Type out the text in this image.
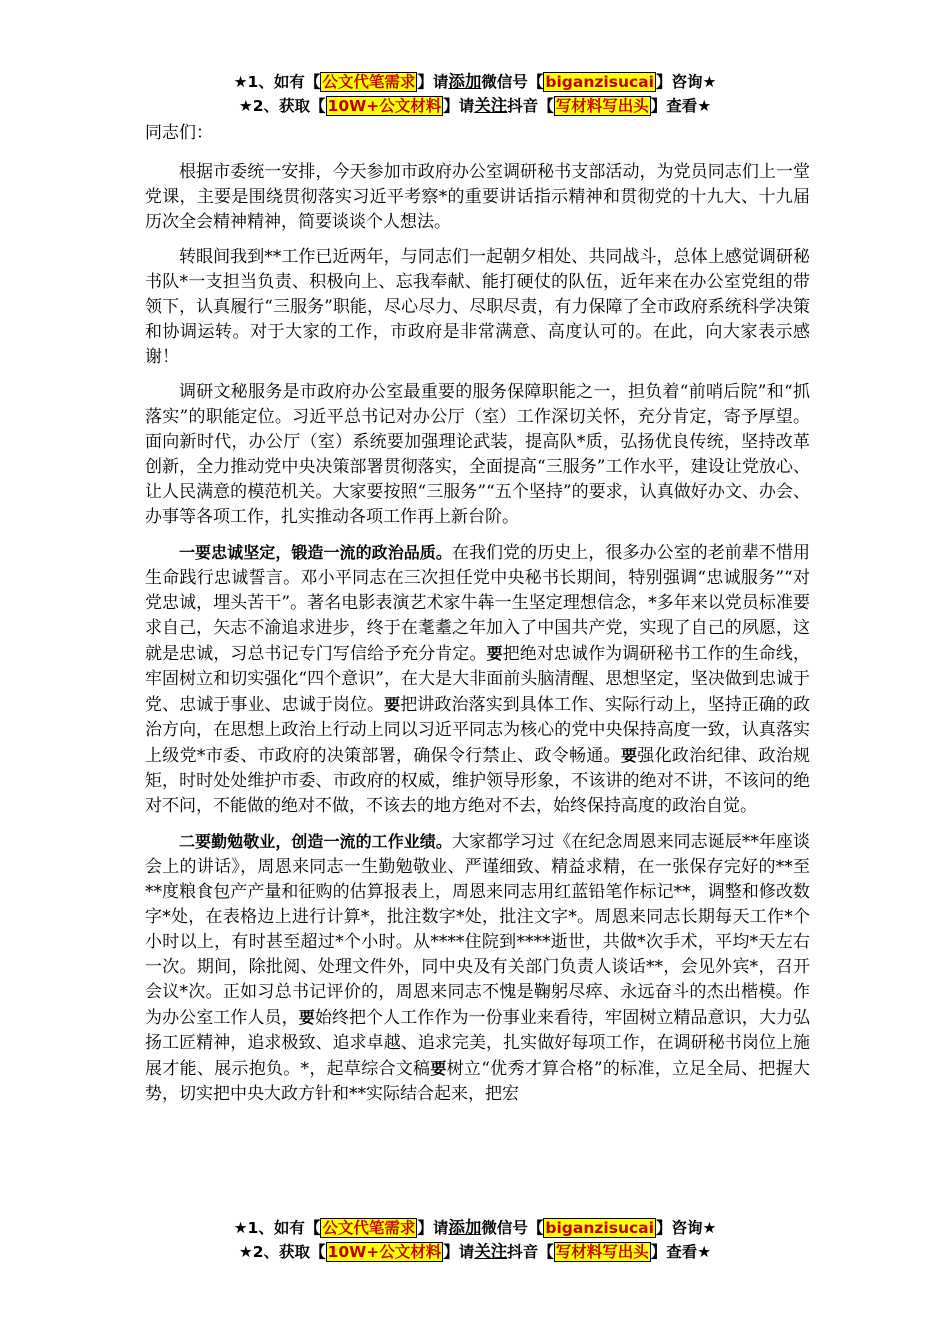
★1、如有【 公文代笔需求 】请添加微信号【 biganzisucai 】咨询★
★2、获取【 10W+公文材料 】请关注抖音【 写材料写出头 】查看★

同志们：

根据市委统一安排，今天参加市政府办公室调研秘书支部活动，为党员同志们上一堂党课，主要是围绕贯彻落实习近平考察*的重要讲话指示精神和贯彻党的十九大、十九届历次全会精神精神，简要谈谈个人想法。

转眼间我到**工作已近两年，与同志们一起朝夕相处、共同战斗，总体上感觉调研秘书队*一支担当负责、积极向上、忘我奉献、能打硬仗的队伍，近年来在办公室党组的带领下，认真履行“三服务”职能，尽心尽力、尽职尽责，有力保障了全市政府系统科学决策和协调运转。对于大家的工作，市政府是非常满意、高度认可的。在此，向大家表示感谢！

调研文秘服务是市政府办公室最重要的服务保障职能之一，担负着“前哨后院”和“抓落实”的职能定位。习近平总书记对办公厅（室）工作深切关怀，充分肯定，寄予厚望。面向新时代，办公厅（室）系统要加强理论武装，提高队*质，弘扬优良传统，坚持改革创新，全力推动党中央决策部署贯彻落实，全面提高“三服务”工作水平，建设让党放心、让人民满意的模范机关。大家要按照“三服务”“五个坚持”的要求，认真做好办文、办会、办事等各项工作，扎实推动各项工作再上新台阶。

一要忠诚坚定，锻造一流的政治品质。在我们党的历史上，很多办公室的老前辈不惜用生命践行忠诚誓言。邓小平同志在三次担任党中央秘书长期间，特别强调“忠诚服务”“对党忠诚，埋头苦干”。著名电影表演艺术家牛犇一生坚定理想信念，*多年来以党员标准要求自己，矢志不渝追求进步，终于在耄耋之年加入了中国共产党，实现了自己的夙愿，这就是忠诚，习总书记专门写信给予充分肯定。要把绝对忠诚作为调研秘书工作的生命线，牢固树立和切实强化“四个意识”，在大是大非面前头脑清醒、思想坚定，坚决做到忠诚于党、忠诚于事业、忠诚于岗位。要把讲政治落实到具体工作、实际行动上，坚持正确的政治方向，在思想上政治上行动上同以习近平同志为核心的党中央保持高度一致，认真落实上级党*市委、市政府的决策部署，确保令行禁止、政令畅通。要强化政治纪律、政治规矩，时时处处维护市委、市政府的权威，维护领导形象，不该讲的绝对不讲，不该问的绝对不问，不能做的绝对不做，不该去的地方绝对不去，始终保持高度的政治自觉。

二要勤勉敬业，创造一流的工作业绩。大家都学习过《在纪念周恩来同志诞辰**年座谈会上的讲话》，周恩来同志一生勤勉敬业、严谨细致、精益求精，在一张保存完好的**至**度粮食包产产量和征购的估算报表上，周恩来同志用红蓝铅笔作标记**，调整和修改数字*处，在表格边上进行计算*，批注数字*处，批注文字*。周恩来同志长期每天工作*个小时以上，有时甚至超过*个小时。从****住院到****逝世，共做*次手术，平均*天左右一次。期间，除批阅、处理文件外，同中央及有关部门负责人谈话**，会见外宾*，召开会议*次。正如习总书记评价的，周恩来同志不愧是鞠躬尽瘁、永远奋斗的杰出楷模。作为办公室工作人员，要始终把个人工作作为一份事业来看待，牢固树立精品意识，大力弘扬工匠精神，追求极致、追求卓越、追求完美，扎实做好每项工作，在调研秘书岗位上施展才能、展示抱负。*，起草综合文稿要树立“优秀才算合格”的标准，立足全局、把握大势，切实把中央大政方针和**实际结合起来，把宏

★1、如有【 公文代笔需求 】请添加微信号【 biganzisucai 】咨询★
★2、获取【 10W+公文材料 】请关注抖音【 写材料写出头 】查看★
